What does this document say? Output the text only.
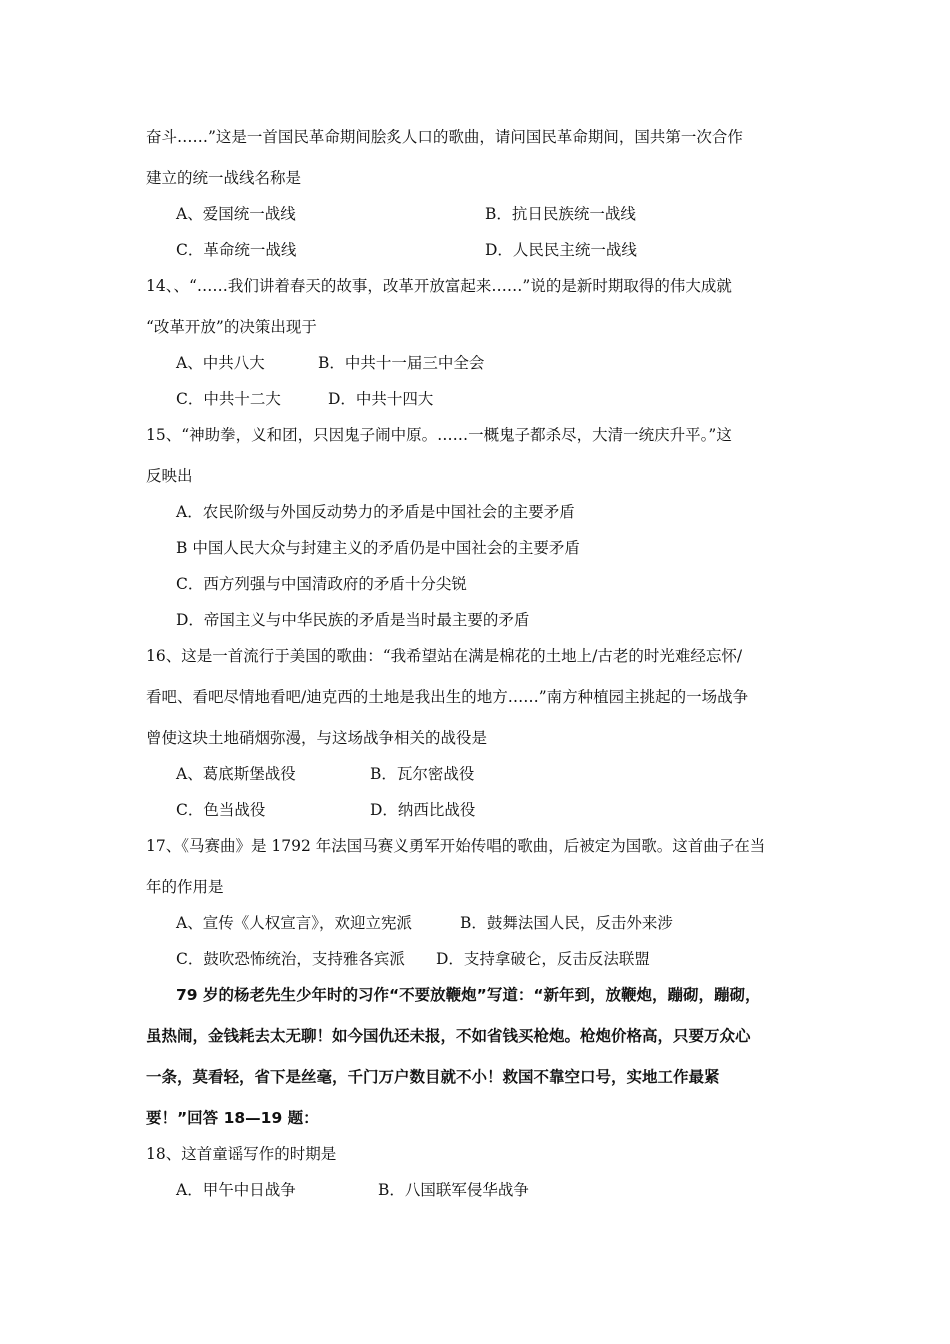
奋斗……”这是一首国民革命期间脍炙人口的歌曲，请问国民革命期间，国共第一次合作
建立的统一战线名称是
A、爱国统一战线	B．抗日民族统一战线
C．革命统一战线	D．人民民主统一战线
14、、“……我们讲着春天的故事，改革开放富起来……”说的是新时期取得的伟大成就
“改革开放”的决策出现于
A、中共八大	B．中共十一届三中全会
C．中共十二大	D．中共十四大
15、“神助拳，义和团，只因鬼子闹中原。……一概鬼子都杀尽，大清一统庆升平。”这
反映出
A．农民阶级与外国反动势力的矛盾是中国社会的主要矛盾
B 中国人民大众与封建主义的矛盾仍是中国社会的主要矛盾
C．西方列强与中国清政府的矛盾十分尖锐
D．帝国主义与中华民族的矛盾是当时最主要的矛盾
16、这是一首流行于美国的歌曲：“我希望站在满是棉花的土地上/古老的时光难经忘怀/
看吧、看吧尽情地看吧/迪克西的土地是我出生的地方……”南方种植园主挑起的一场战争
曾使这块土地硝烟弥漫，与这场战争相关的战役是
A、葛底斯堡战役	B．瓦尔密战役
C．色当战役	D．纳西比战役
17、《马赛曲》是 1792 年法国马赛义勇军开始传唱的歌曲，后被定为国歌。这首曲子在当
年的作用是
A、宣传《人权宣言》，欢迎立宪派	B．鼓舞法国人民，反击外来涉
C．鼓吹恐怖统治，支持雅各宾派 D．支持拿破仑，反击反法联盟
79 岁的杨老先生少年时的习作“不要放鞭炮”写道：“新年到，放鞭炮，蹦砌，蹦砌，
虽热闹，金钱耗去太无聊！如今国仇还未报，不如省钱买枪炮。枪炮价格高，只要万众心
一条，莫看轻，省下是丝毫，千门万户数目就不小！救国不靠空口号，实地工作最紧
要！”回答 18—19 题：
18、这首童谣写作的时期是
A．甲午中日战争	B．八国联军侵华战争
